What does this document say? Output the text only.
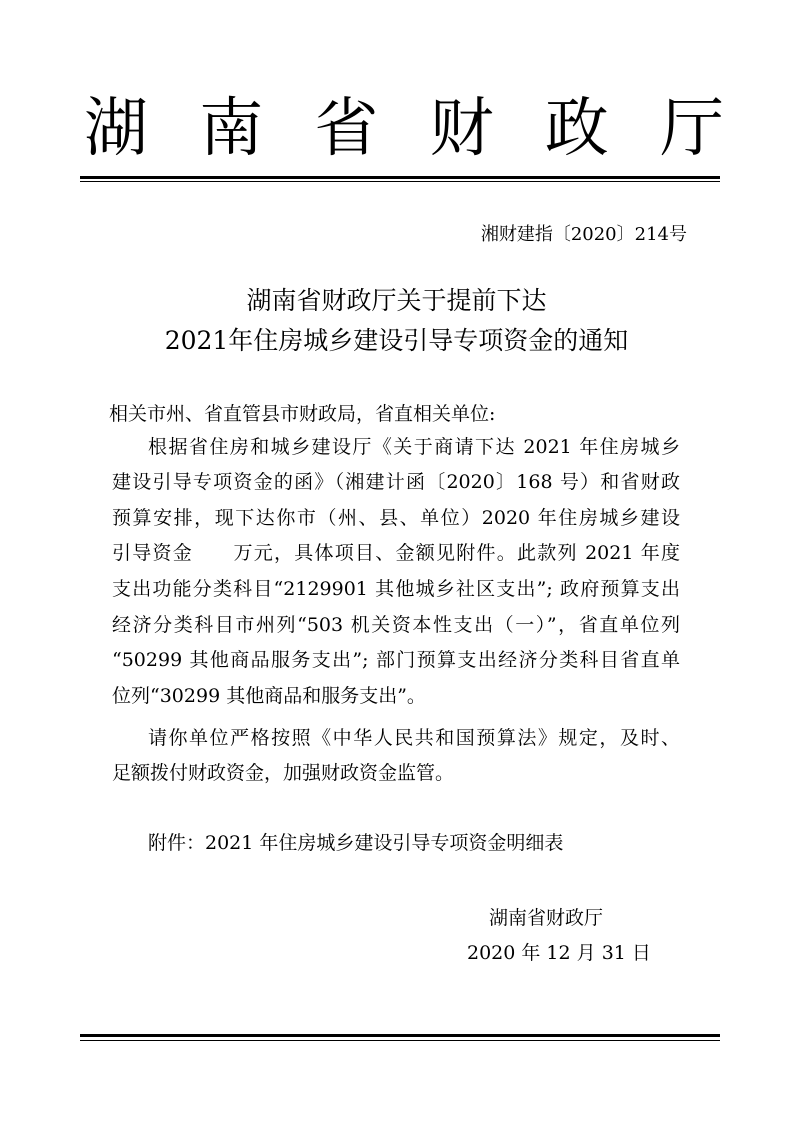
湖 南 省 财 政 厅
湘财建指〔2020〕214号
湖南省财政厅关于提前下达
2021年住房城乡建设引导专项资金的通知
相关市州、省直管县市财政局，省直相关单位:
根据省住房和城乡建设厅《关于商请下达 2021 年住房城乡
建设引导专项资金的函》（湘建计函〔2020〕168 号）和省财政
预算安排，现下达你市（州、县、单位）2020 年住房城乡建设
引导资金　　万元，具体项目、金额见附件。此款列 2021 年度
支出功能分类科目“2129901 其他城乡社区支出”; 政府预算支出
经济分类科目市州列“503 机关资本性支出（一）”，省直单位列
“50299 其他商品服务支出”; 部门预算支出经济分类科目省直单
位列“30299 其他商品和服务支出”。
请你单位严格按照《中华人民共和国预算法》规定，及时、
足额拨付财政资金，加强财政资金监管。
附件：2021 年住房城乡建设引导专项资金明细表
湖南省财政厅
2020 年 12 月 31 日
